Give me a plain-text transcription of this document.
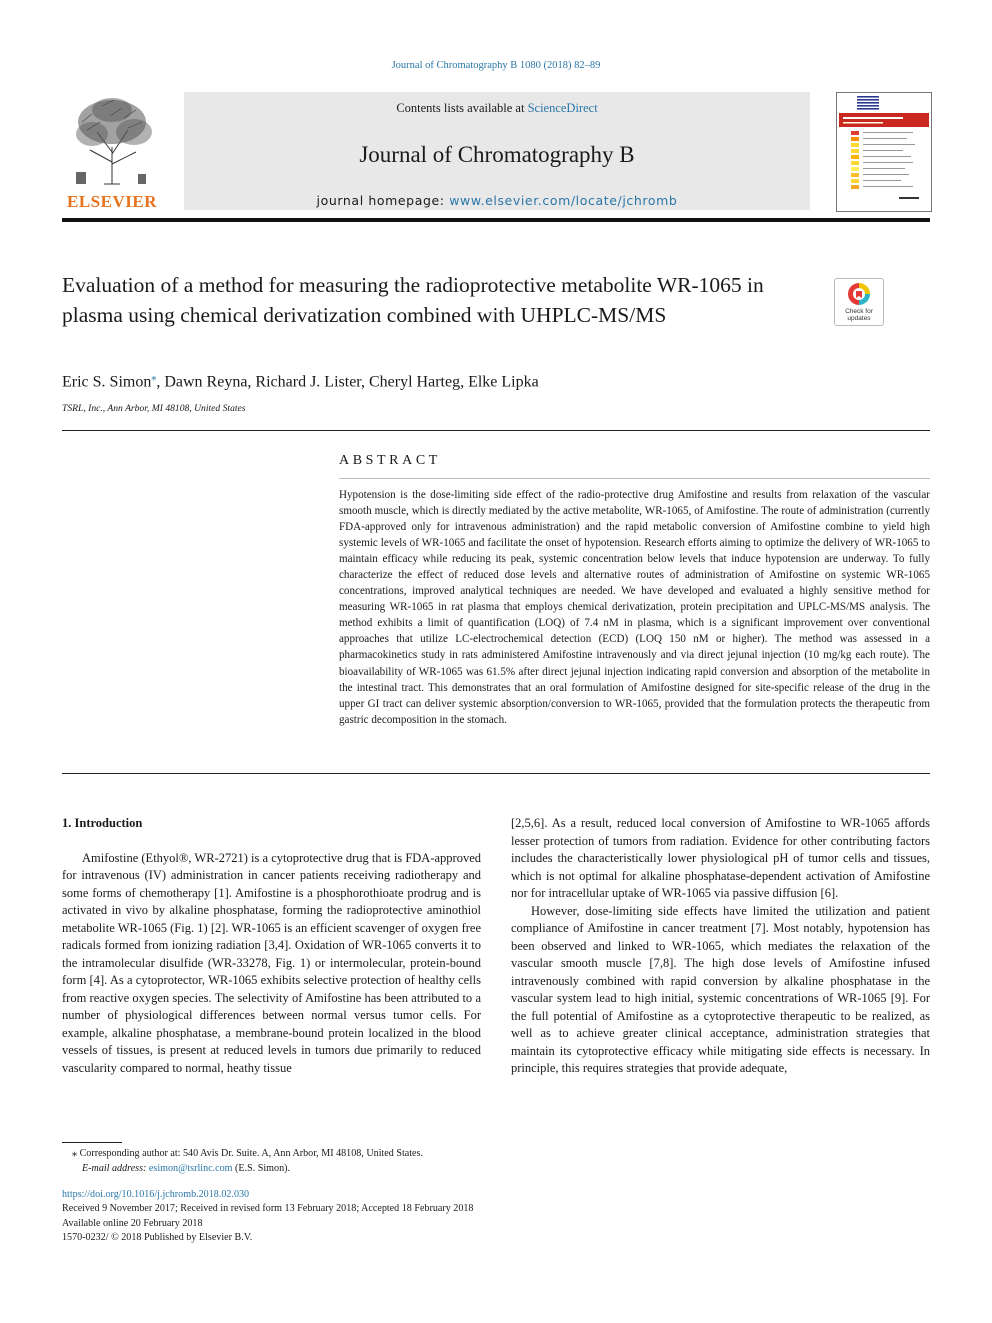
Journal of Chromatography B 1080 (2018) 82–89
ELSEVIER
Contents lists available at ScienceDirect
Journal of Chromatography B
journal homepage: www.elsevier.com/locate/jchromb
Evaluation of a method for measuring the radioprotective metabolite WR-1065 in plasma using chemical derivatization combined with UHPLC-MS/MS	Check for
updates
Eric S. Simon⁎, Dawn Reyna, Richard J. Lister, Cheryl Harteg, Elke Lipka
TSRL, Inc., Ann Arbor, MI 48108, United States
ABSTRACT
Hypotension is the dose-limiting side effect of the radio-protective drug Amifostine and results from relaxation of the vascular smooth muscle, which is directly mediated by the active metabolite, WR-1065, of Amifostine. The route of administration (currently FDA-approved only for intravenous administration) and the rapid metabolic conversion of Amifostine combine to yield high systemic levels of WR-1065 and facilitate the onset of hypotension. Research efforts aiming to optimize the delivery of WR-1065 to maintain efficacy while reducing its peak, systemic concentration below levels that induce hypotension are underway. To fully characterize the effect of reduced dose levels and alternative routes of administration of Amifostine on systemic WR-1065 concentrations, improved analytical techniques are needed. We have developed and evaluated a highly sensitive method for measuring WR-1065 in rat plasma that employs chemical derivatization, protein precipitation and UPLC-MS/MS analysis. The method exhibits a limit of quantification (LOQ) of 7.4 nM in plasma, which is a significant improvement over conventional approaches that utilize LC-electrochemical detection (ECD) (LOQ 150 nM or higher). The method was assessed in a pharmacokinetics study in rats administered Amifostine intravenously and via direct jejunal injection (10 mg/kg each route). The bioavailability of WR-1065 was 61.5% after direct jejunal injection indicating rapid conversion and absorption of the metabolite in the intestinal tract. This demonstrates that an oral formulation of Amifostine designed for site-specific release of the drug in the upper GI tract can deliver systemic absorption/conversion to WR-1065, provided that the formulation protects the therapeutic from gastric decomposition in the stomach.
1. Introduction

Amifostine (Ethyol®, WR-2721) is a cytoprotective drug that is FDA-approved for intravenous (IV) administration in cancer patients receiving radiotherapy and some forms of chemotherapy [1]. Amifostine is a phosphorothioate prodrug and is activated in vivo by alkaline phosphatase, forming the radioprotective aminothiol metabolite WR-1065 (Fig. 1) [2]. WR-1065 is an efficient scavenger of oxygen free radicals formed from ionizing radiation [3,4]. Oxidation of WR-1065 converts it to the intramolecular disulfide (WR-33278, Fig. 1) or intermolecular, protein-bound form [4]. As a cytoprotector, WR-1065 exhibits selective protection of healthy cells from reactive oxygen species. The selectivity of Amifostine has been attributed to a number of physiological differences between normal versus tumor cells. For example, alkaline phosphatase, a membrane-bound protein localized in the blood vessels of tissues, is present at reduced levels in tumors due primarily to reduced vascularity compared to normal, heathy tissue

[2,5,6]. As a result, reduced local conversion of Amifostine to WR-1065 affords lesser protection of tumors from radiation. Evidence for other contributing factors includes the characteristically lower physiological pH of tumor cells and tissues, which is not optimal for alkaline phosphatase-dependent activation of Amifostine nor for intracellular uptake of WR-1065 via passive diffusion [6].

However, dose-limiting side effects have limited the utilization and patient compliance of Amifostine in cancer treatment [7]. Most notably, hypotension has been observed and linked to WR-1065, which mediates the relaxation of the vascular smooth muscle [7,8]. The high dose levels of Amifostine infused intravenously combined with rapid conversion by alkaline phosphatase in the vascular system lead to high initial, systemic concentrations of WR-1065 [9]. For the full potential of Amifostine as a cytoprotective therapeutic to be realized, as well as to achieve greater clinical acceptance, administration strategies that maintain its cytoprotective efficacy while mitigating side effects is necessary. In principle, this requires strategies that provide adequate,

⁎ Corresponding author at: 540 Avis Dr. Suite. A, Ann Arbor, MI 48108, United States.
E-mail address: esimon@tsrlinc.com (E.S. Simon).
https://doi.org/10.1016/j.jchromb.2018.02.030
Received 9 November 2017; Received in revised form 13 February 2018; Accepted 18 February 2018
Available online 20 February 2018
1570-0232/ © 2018 Published by Elsevier B.V.
